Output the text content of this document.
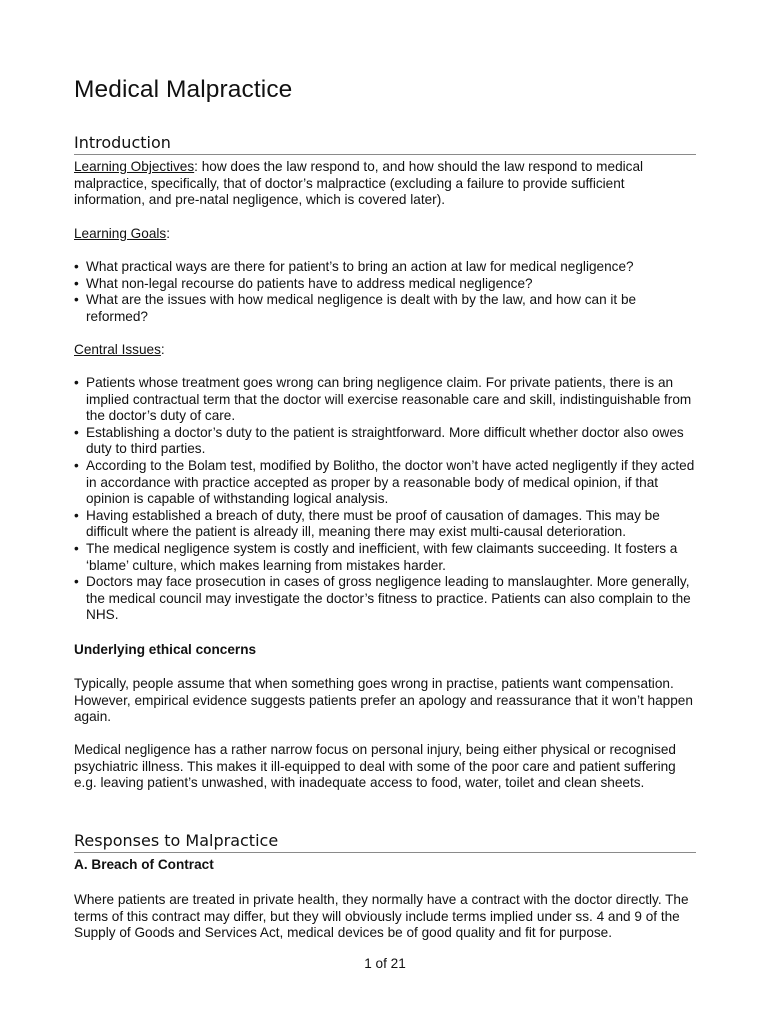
Medical Malpractice
Introduction

Learning Objectives: how does the law respond to, and how should the law respond to medical malpractice, specifically, that of doctor’s malpractice (excluding a failure to provide sufficient information, and pre-natal negligence, which is covered later).

Learning Goals:

• What practical ways are there for patient’s to bring an action at law for medical negligence?
• What non-legal recourse do patients have to address medical negligence?
• What are the issues with how medical negligence is dealt with by the law, and how can it be reformed?

Central Issues:

• Patients whose treatment goes wrong can bring negligence claim. For private patients, there is an implied contractual term that the doctor will exercise reasonable care and skill, indistinguishable from the doctor’s duty of care.
• Establishing a doctor’s duty to the patient is straightforward. More difficult whether doctor also owes duty to third parties.
• According to the Bolam test, modified by Bolitho, the doctor won’t have acted negligently if they acted in accordance with practice accepted as proper by a reasonable body of medical opinion, if that opinion is capable of withstanding logical analysis.
• Having established a breach of duty, there must be proof of causation of damages. This may be difficult where the patient is already ill, meaning there may exist multi-causal deterioration.
• The medical negligence system is costly and inefficient, with few claimants succeeding. It fosters a ‘blame’ culture, which makes learning from mistakes harder.
• Doctors may face prosecution in cases of gross negligence leading to manslaughter. More generally, the medical council may investigate the doctor’s fitness to practice. Patients can also complain to the NHS.
Underlying ethical concerns
Typically, people assume that when something goes wrong in practise, patients want compensation. However, empirical evidence suggests patients prefer an apology and reassurance that it won’t happen again.
Medical negligence has a rather narrow focus on personal injury, being either physical or recognised psychiatric illness. This makes it ill-equipped to deal with some of the poor care and patient suffering e.g. leaving patient’s unwashed, with inadequate access to food, water, toilet and clean sheets.
Responses to Malpractice
A. Breach of Contract
Where patients are treated in private health, they normally have a contract with the doctor directly. The terms of this contract may differ, but they will obviously include terms implied under ss. 4 and 9 of the Supply of Goods and Services Act, medical devices be of good quality and fit for purpose.
1 of 21
